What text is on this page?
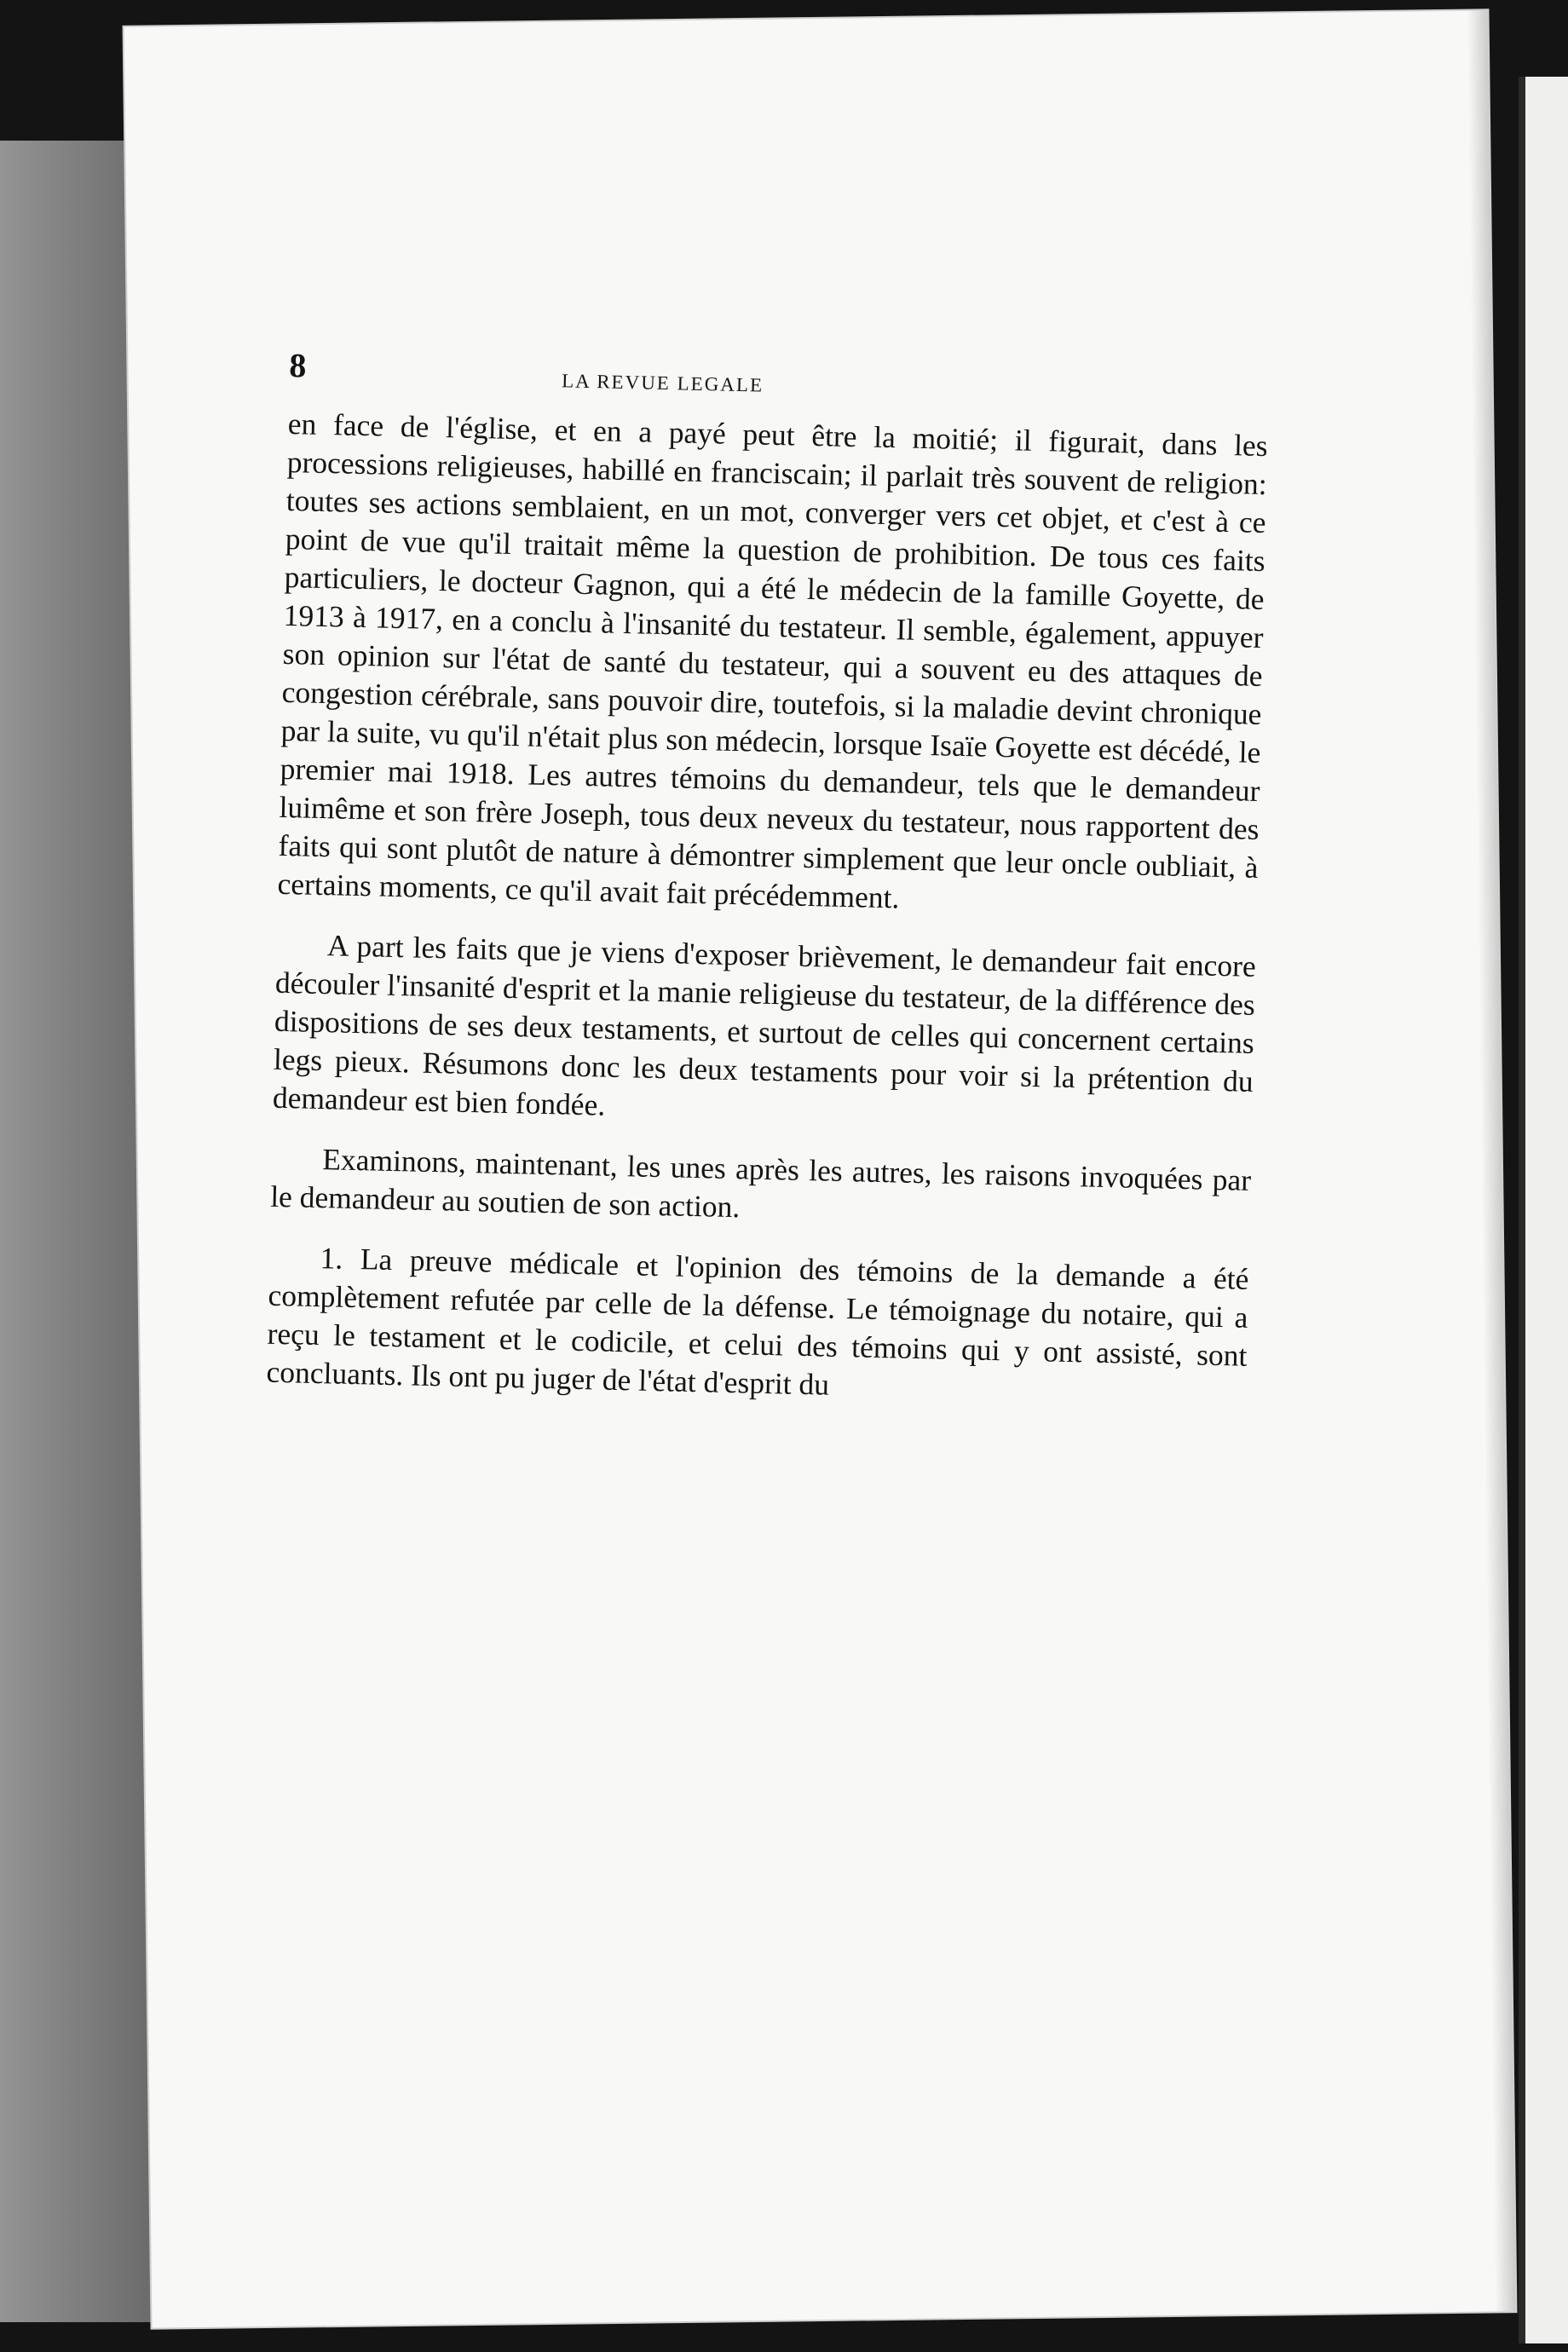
8	LA REVUE LEGALE

en face de l'église, et en a payé peut être la moitié; il figurait, dans les processions religieuses, habillé en franciscain; il parlait très souvent de religion: toutes ses actions semblaient, en un mot, converger vers cet objet, et c'est à ce point de vue qu'il traitait même la question de prohibition. De tous ces faits particuliers, le docteur Gagnon, qui a été le médecin de la famille Goyette, de 1913 à 1917, en a conclu à l'insanité du testateur. Il semble, également, appuyer son opinion sur l'état de santé du testateur, qui a souvent eu des attaques de congestion cérébrale, sans pouvoir dire, toutefois, si la maladie devint chronique par la suite, vu qu'il n'était plus son médecin, lorsque Isaïe Goyette est décédé, le premier mai 1918. Les autres témoins du demandeur, tels que le demandeur luimême et son frère Joseph, tous deux neveux du testateur, nous rapportent des faits qui sont plutôt de nature à démontrer simplement que leur oncle oubliait, à certains moments, ce qu'il avait fait précédemment.

A part les faits que je viens d'exposer brièvement, le demandeur fait encore découler l'insanité d'esprit et la manie religieuse du testateur, de la différence des dispositions de ses deux testaments, et surtout de celles qui concernent certains legs pieux. Résumons donc les deux testaments pour voir si la prétention du demandeur est bien fondée.

Examinons, maintenant, les unes après les autres, les raisons invoquées par le demandeur au soutien de son action.

1. La preuve médicale et l'opinion des témoins de la demande a été complètement refutée par celle de la défense. Le témoignage du notaire, qui a reçu le testament et le codicile, et celui des témoins qui y ont assisté, sont concluants. Ils ont pu juger de l'état d'esprit du
